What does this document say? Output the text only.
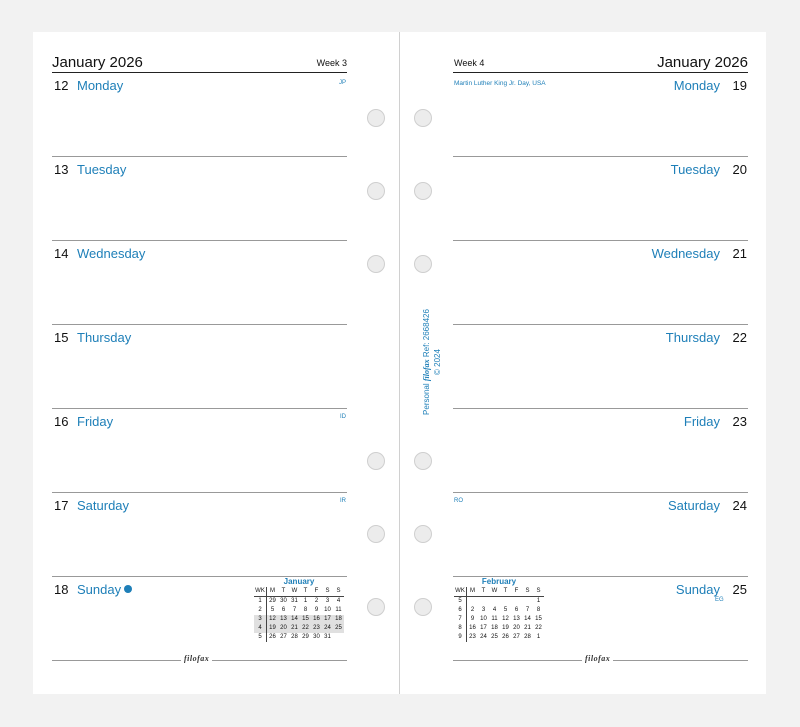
January 2026	Week 3
12 Monday	JP
13 Tuesday
14 Wednesday
15 Thursday
16 Friday	ID
17 Saturday	IR
18 Sunday
January
WK	M	T	W	T	F	S	S
1	29	30	31	1	2	3	4
2	5	6	7	8	9	10	11
3	12	13	14	15	16	17	18
4	19	20	21	22	23	24	25
5	26	27	28	29	30	31	
filofax
Week 4	January 2026
Martin Luther King Jr. Day, USA	Monday 19
Tuesday 20
Wednesday 21
Thursday 22
Friday 23
RO	Saturday 24
Sunday 25
EG
February
WK	M	T	W	T	F	S	S
5							1
6	2	3	4	5	6	7	8
7	9	10	11	12	13	14	15
8	16	17	18	19	20	21	22
9	23	24	25	26	27	28	1
filofax
Personal filofax Ref: 2668426
© 2024
